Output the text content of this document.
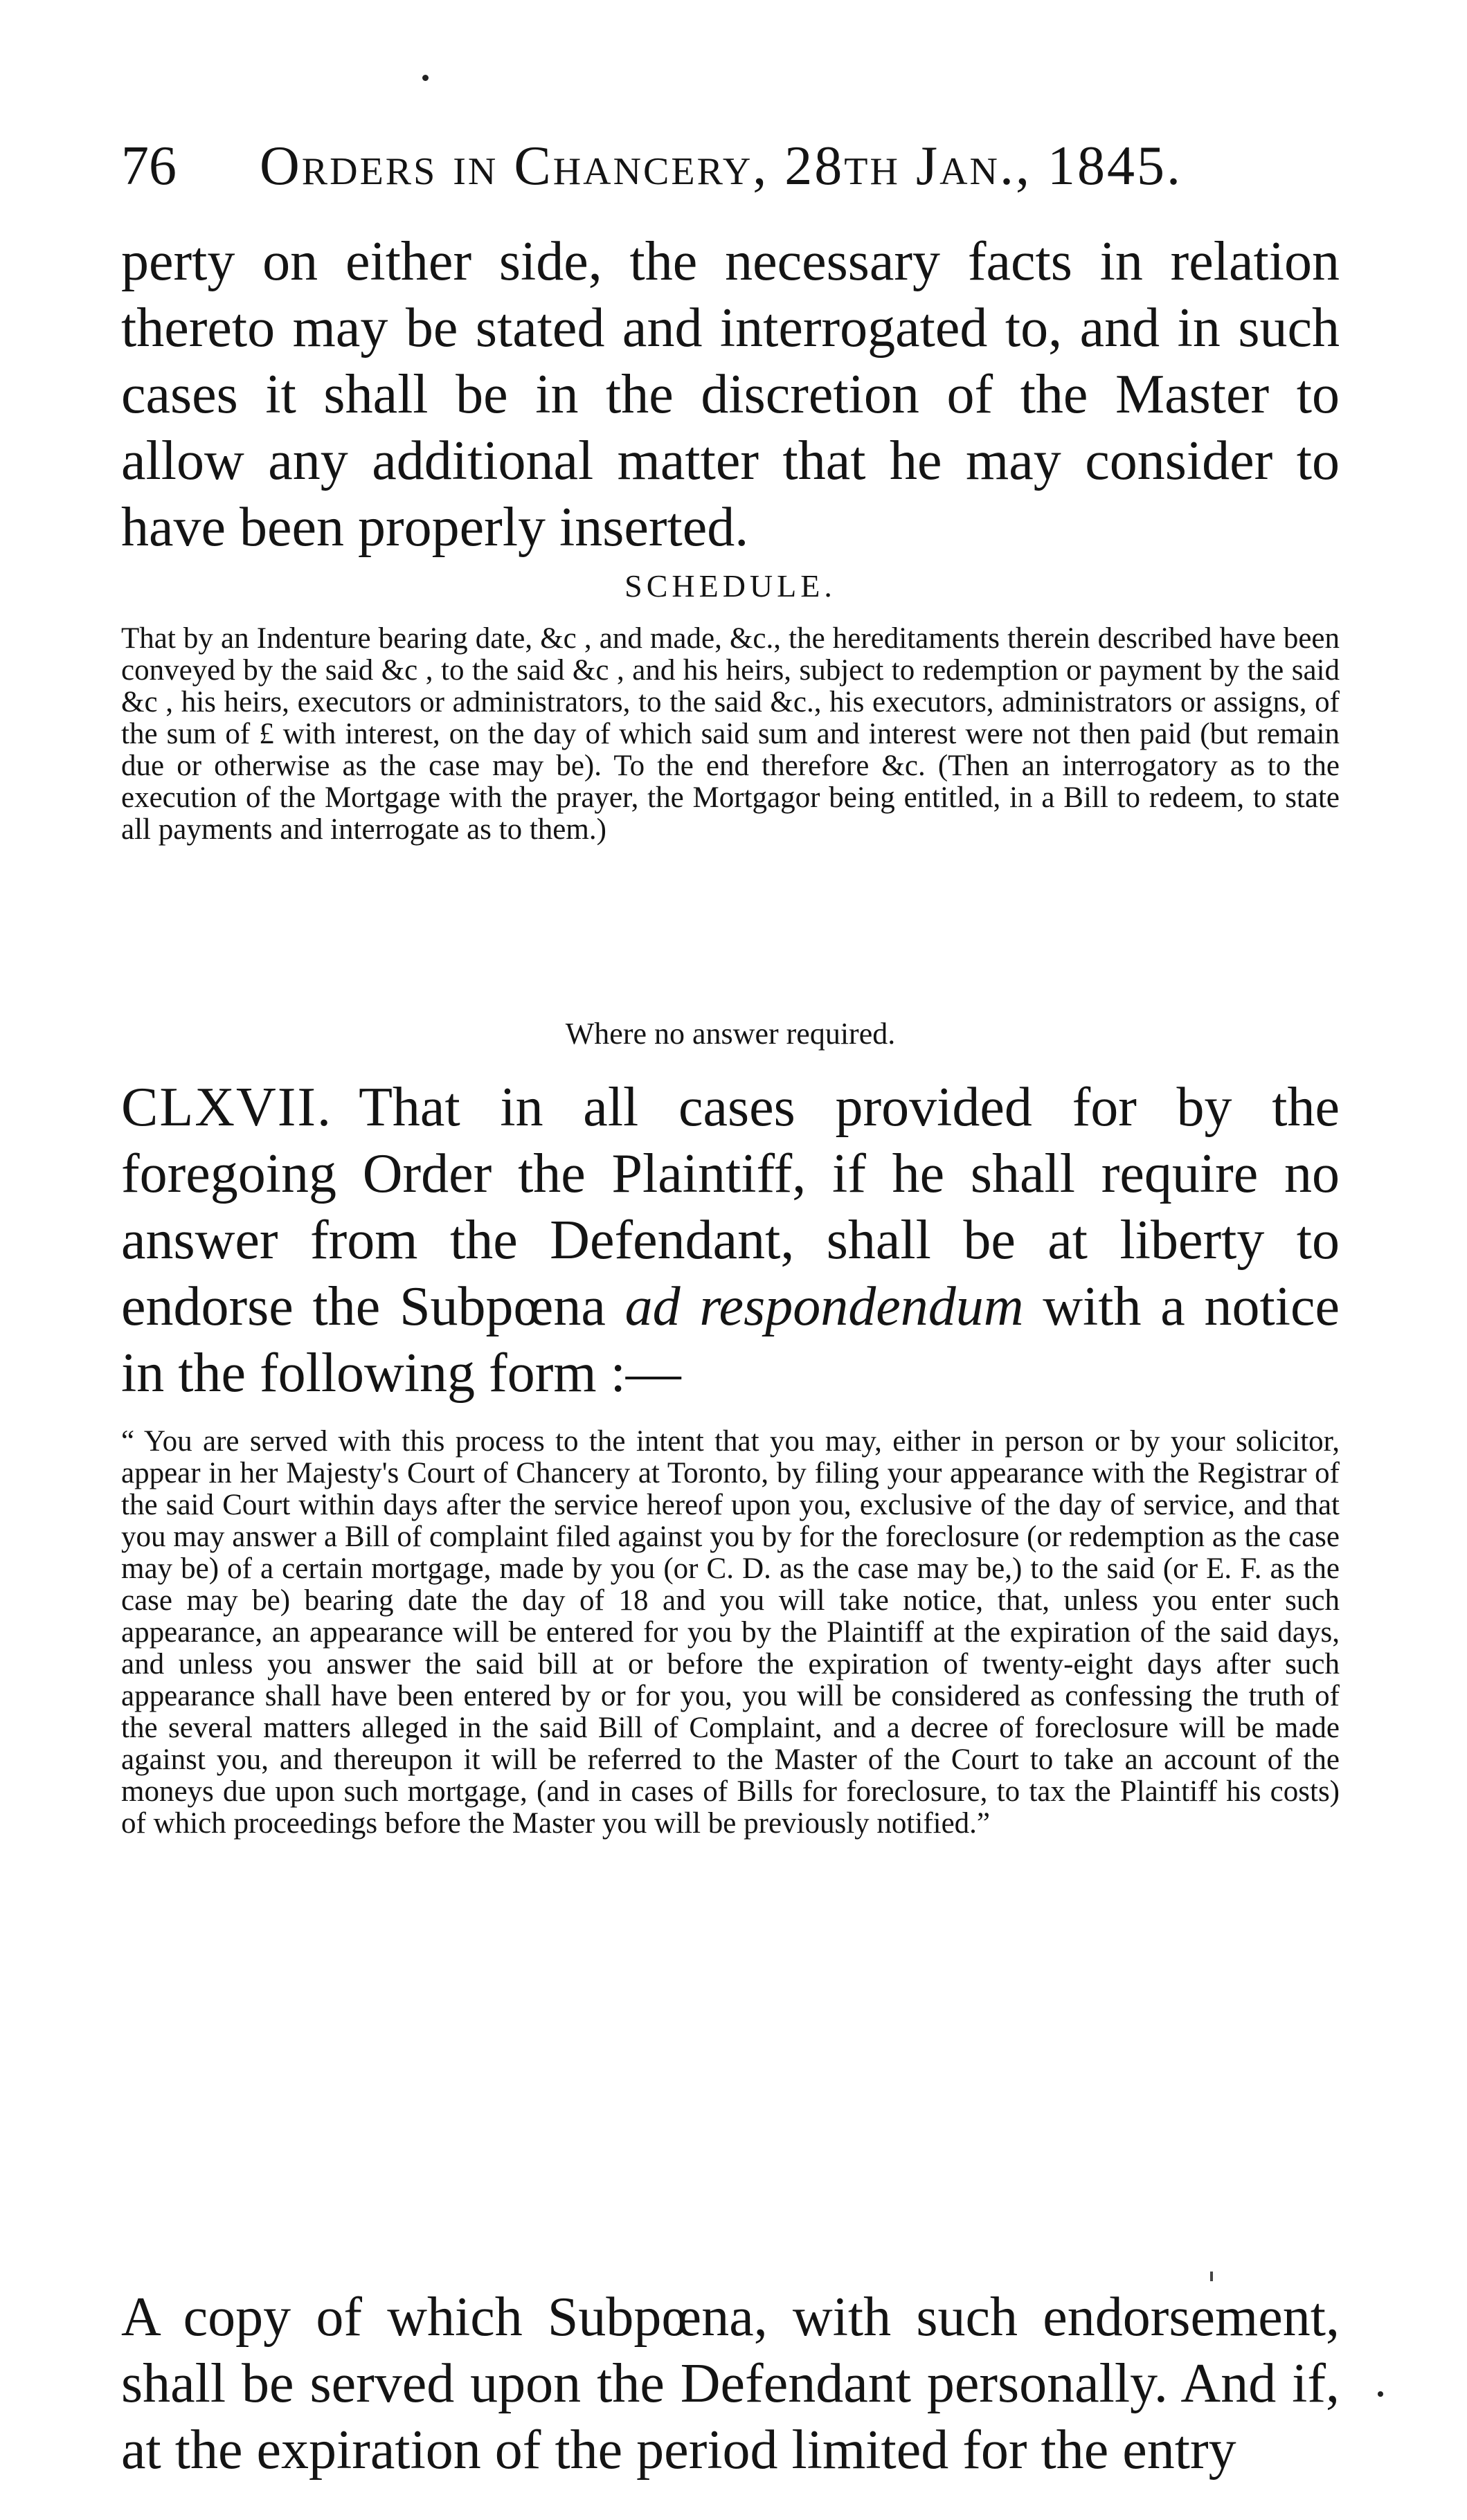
76 Orders in Chancery, 28th Jan., 1845.

perty on either side, the necessary facts in relation thereto may be stated and interrogated to, and in such cases it shall be in the discretion of the Master to allow any additional matter that he may consider to have been properly inserted.

SCHEDULE.

That by an Indenture bearing date, &c , and made, &c., the hereditaments therein described have been conveyed by the said &c , to the said &c , and his heirs, subject to redemption or payment by the said &c , his heirs, executors or administrators, to the said &c., his executors, administrators or assigns, of the sum of £ with interest, on the day of which said sum and interest were not then paid (but remain due or otherwise as the case may be). To the end therefore &c. (Then an interrogatory as to the execution of the Mortgage with the prayer, the Mortgagor being entitled, in a Bill to redeem, to state all payments and interrogate as to them.)

Where no answer required.

CLXVII. That in all cases provided for by the foregoing Order the Plaintiff, if he shall require no answer from the Defendant, shall be at liberty to endorse the Subpœna ad respondendum with a notice in the following form :—

“ You are served with this process to the intent that you may, either in person or by your solicitor, appear in her Majesty's Court of Chancery at Toronto, by filing your appearance with the Registrar of the said Court within days after the service hereof upon you, exclusive of the day of service, and that you may answer a Bill of complaint filed against you by for the foreclosure (or redemption as the case may be) of a certain mortgage, made by you (or C. D. as the case may be,) to the said (or E. F. as the case may be) bearing date the day of 18 and you will take notice, that, unless you enter such appearance, an appearance will be entered for you by the Plaintiff at the expiration of the said days, and unless you answer the said bill at or before the expiration of twenty-eight days after such appearance shall have been entered by or for you, you will be considered as confessing the truth of the several matters alleged in the said Bill of Complaint, and a decree of foreclosure will be made against you, and thereupon it will be referred to the Master of the Court to take an account of the moneys due upon such mortgage, (and in cases of Bills for foreclosure, to tax the Plaintiff his costs) of which proceedings before the Master you will be previously notified.”

A copy of which Subpœna, with such endorsement, shall be served upon the Defendant personally. And if, at the expiration of the period limited for the entry
